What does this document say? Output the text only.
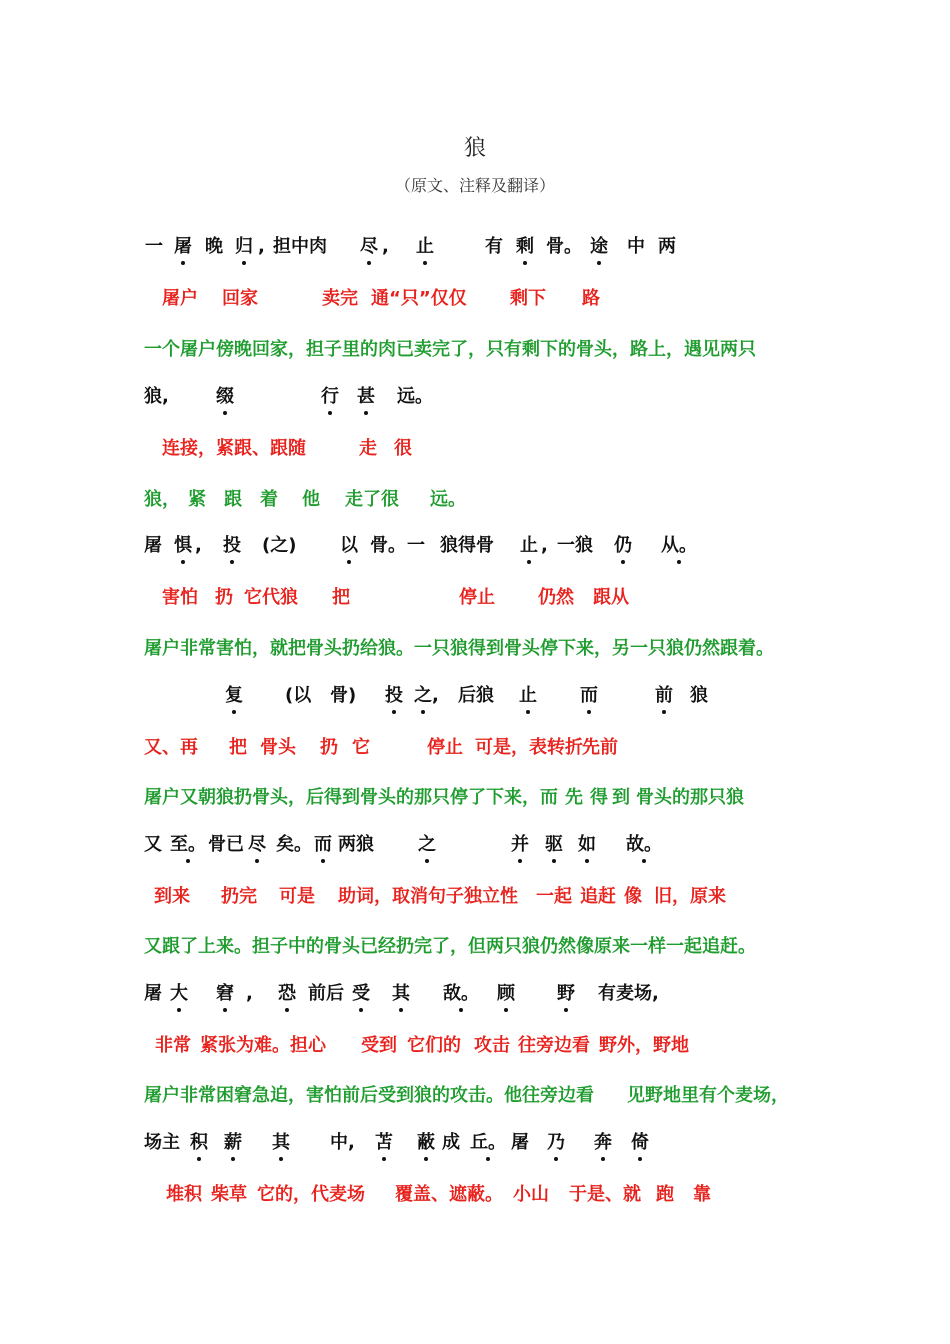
狼
（原文、注释及翻译）
一 屠 晚 归 , 担中肉 尽 , 止	有 剩 骨。 途 中 两
屠户 回家	卖完 通“只”仅仅 剩下 路
一个屠户傍晚回家，担子里的肉已卖完了，只有剩下的骨头，路上，遇见两只
狼,	缀	行 甚 远。
连接，紧跟、跟随	走 很
狼， 紧 跟 着 他 走了很 远。
屠 惧 , 投 (之) 以 骨。 一 狼得骨 止 , 一狼 仍 从。
害怕 扔 它代狼 把	停止 仍然 跟从
屠户非常害怕，就把骨头扔给狼。一只狼得到骨头停下来，另一只狼仍然跟着。
复 (以 骨) 投 之 , 后狼 止 而	前 狼
又、再 把 骨头 扔 它	停止 可是，表转折 先前
屠户又朝狼扔骨头，后得到骨头的那只停了下来，而 先 得 到 骨头的那只狼
又 至。 骨已 尽 矣。 而 两狼 之	并 驱 如 故。
到来 扔完 可是 助词，取消句子独立性 一起 追赶 像 旧，原来
又跟了上来。担子中的骨头已经扔完了，但两只狼仍然像原来一样一起追赶。
屠 大 窘 , 恐 前后 受 其 敌。 顾 野 有麦场,
非常 紧张为难。担心 受到 它们的 攻击 往旁边看 野外，野地
屠户非常困窘急迫，害怕前后受到狼的攻击。他往旁边看 见野地里有个麦场，
场主 积 薪 其 中, 苫 蔽 成 丘。 屠 乃 奔 倚
堆积 柴草 它的，代麦场 覆盖、遮蔽。 小山 于是、就 跑 靠
